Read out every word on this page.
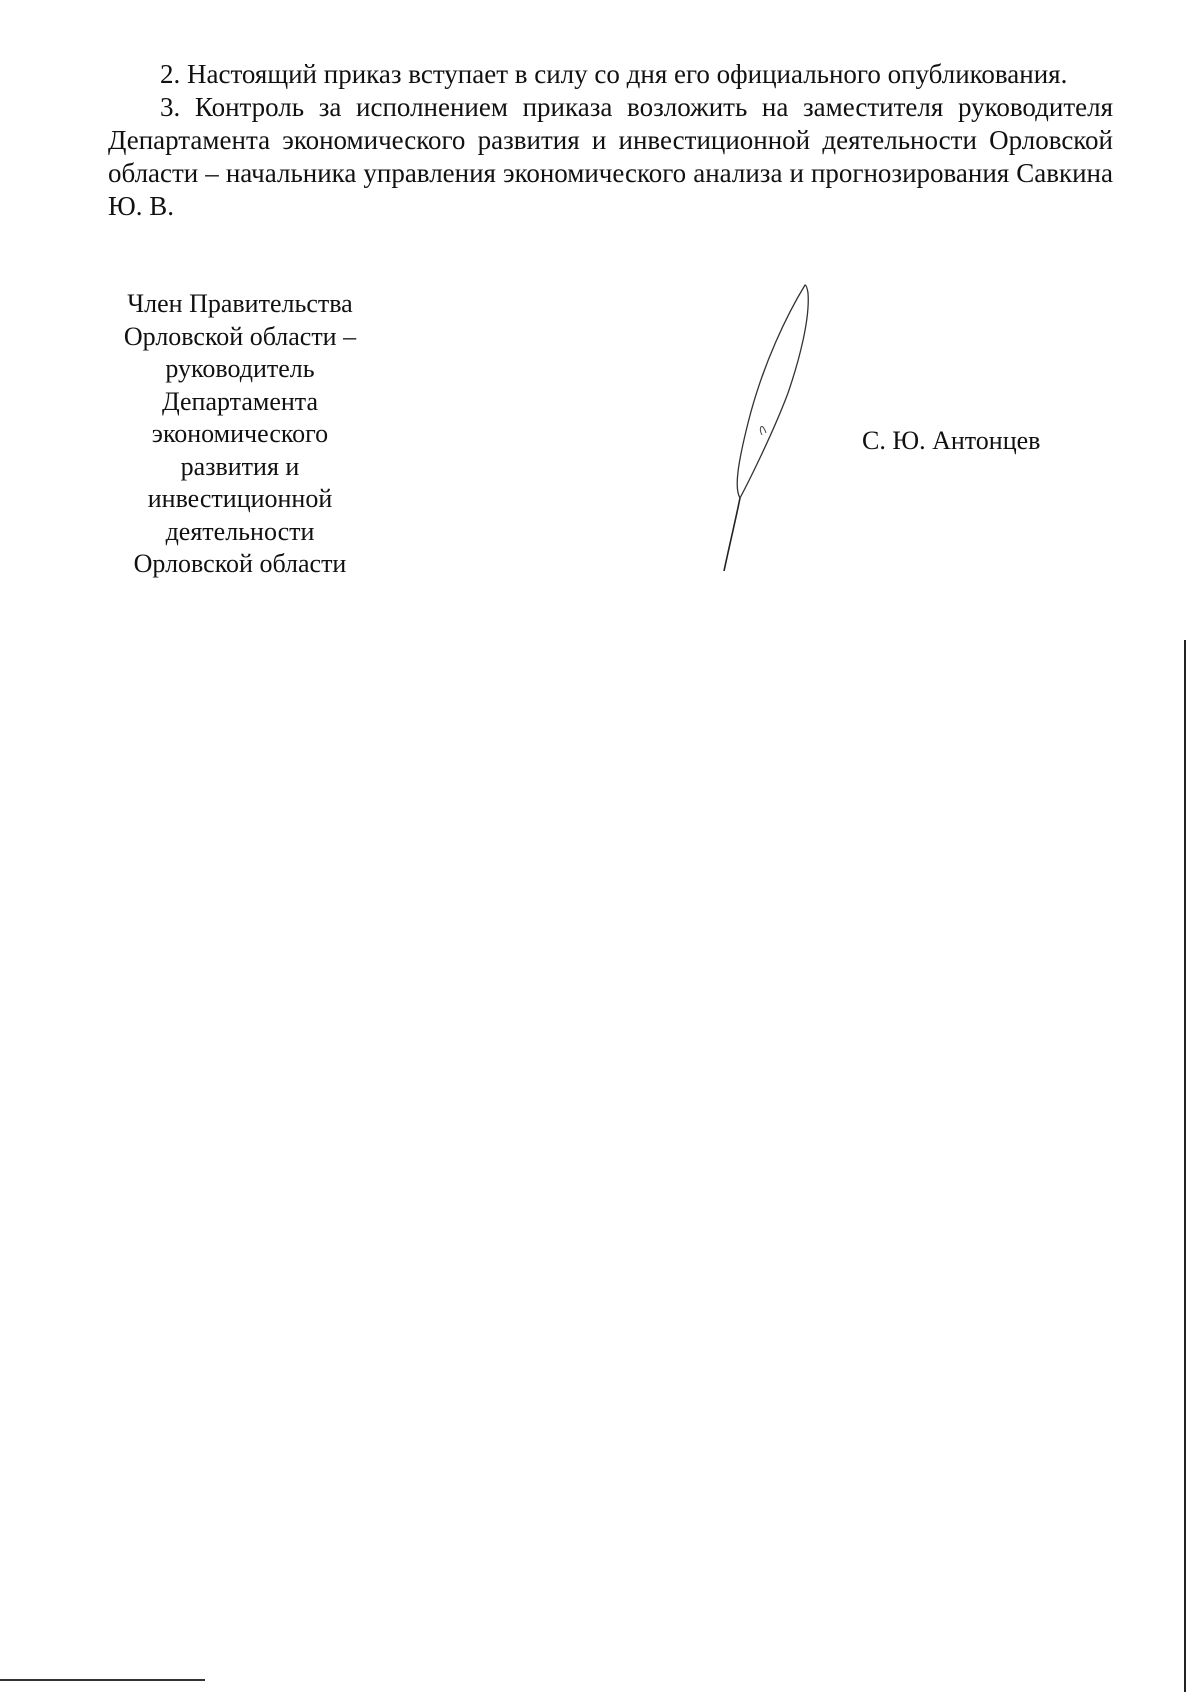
2. Настоящий приказ вступает в силу со дня его официального опубликования.

3. Контроль за исполнением приказа возложить на заместителя руководителя Департамента экономического развития и инвестиционной деятельности Орловской области – начальника управления экономического анализа и прогнозирования Савкина Ю. В.

Член Правительства
Орловской области –
руководитель
Департамента
экономического
развития и
инвестиционной
деятельности
Орловской области
С. Ю. Антонцев
